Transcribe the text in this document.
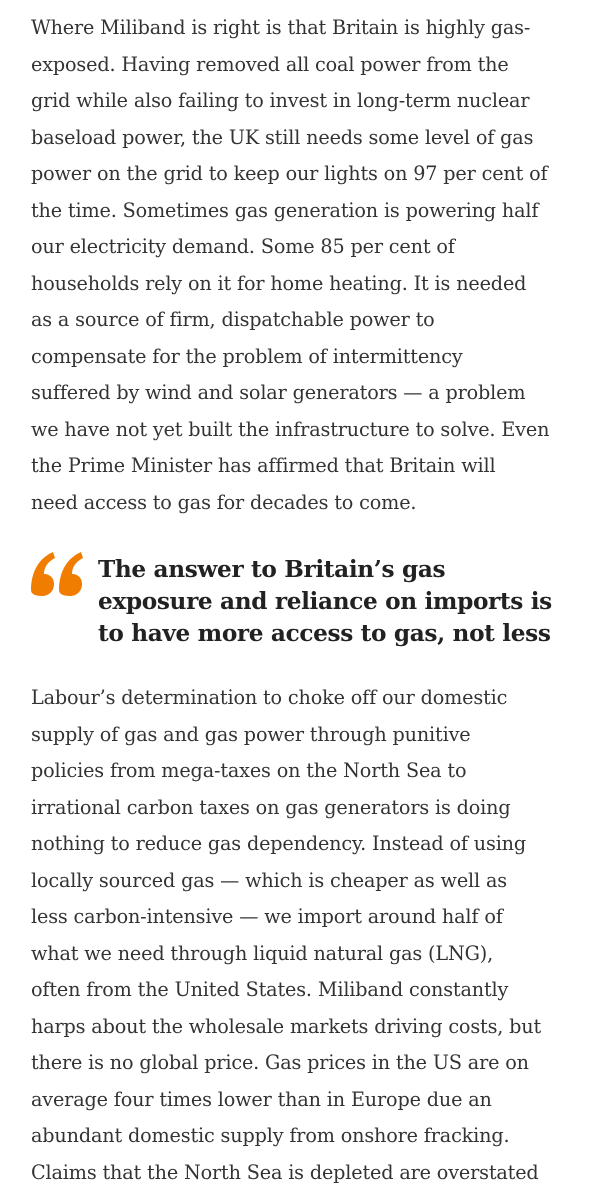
Where Miliband is right is that Britain is highly gas-
exposed. Having removed all coal power from the
grid while also failing to invest in long-term nuclear
baseload power, the UK still needs some level of gas
power on the grid to keep our lights on 97 per cent of
the time. Sometimes gas generation is powering half
our electricity demand. Some 85 per cent of
households rely on it for home heating. It is needed
as a source of firm, dispatchable power to
compensate for the problem of intermittency
suffered by wind and solar generators — a problem
we have not yet built the infrastructure to solve. Even
the Prime Minister has affirmed that Britain will
need access to gas for decades to come.

The answer to Britain’s gas
exposure and reliance on imports is
to have more access to gas, not less

Labour’s determination to choke off our domestic
supply of gas and gas power through punitive
policies from mega-taxes on the North Sea to
irrational carbon taxes on gas generators is doing
nothing to reduce gas dependency. Instead of using
locally sourced gas — which is cheaper as well as
less carbon-intensive — we import around half of
what we need through liquid natural gas (LNG),
often from the United States. Miliband constantly
harps about the wholesale markets driving costs, but
there is no global price. Gas prices in the US are on
average four times lower than in Europe due an
abundant domestic supply from onshore fracking.
Claims that the North Sea is depleted are overstated
